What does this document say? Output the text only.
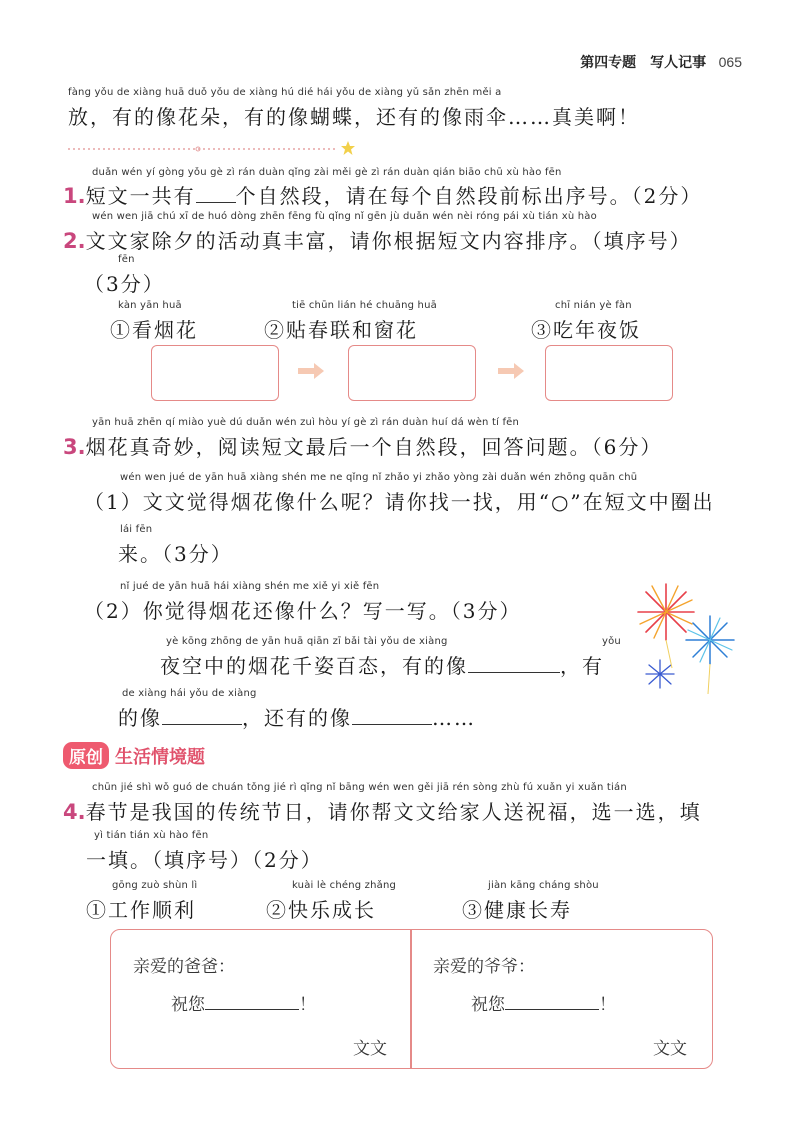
第四专题　写人记事 065
fàng yǒu de xiàng huā duǒ yǒu de xiàng hú dié hái yǒu de xiàng yǔ sǎn zhēn měi a
放，有的像花朵，有的像蝴蝶，还有的像雨伞……真美啊！
duǎn wén yí gòng yǒu gè zì rán duàn qǐng zài měi gè zì rán duàn qián biāo chū xù hào fēn
1.短文一共有 个自然段，请在每个自然段前标出序号。（2分）
wén wen jiā chú xī de huó dòng zhēn fēng fù qǐng nǐ gēn jù duǎn wén nèi róng pái xù tián xù hào
2.文文家除夕的活动真丰富，请你根据短文内容排序。（填序号）
fēn
（3分）
kàn yān huā
①看烟花
tiē chūn lián hé chuāng huā
②贴春联和窗花
chī nián yè fàn
③吃年夜饭
yān huā zhēn qí miào yuè dú duǎn wén zuì hòu yí gè zì rán duàn huí dá wèn tí fēn
3.烟花真奇妙，阅读短文最后一个自然段，回答问题。（6分）
wén wen jué de yān huā xiàng shén me ne qǐng nǐ zhǎo yi zhǎo yòng zài duǎn wén zhōng quān chū
（1）文文觉得烟花像什么呢？请你找一找，用“○”在短文中圈出
lái fēn
来。（3分）
nǐ jué de yān huā hái xiàng shén me xiě yi xiě fēn
（2）你觉得烟花还像什么？写一写。（3分）
yè kōng zhōng de yān huā qiān zī bǎi tài yǒu de xiàng	yǒu
夜空中的烟花千姿百态，有的像	，有
de xiàng hái yǒu de xiàng
的像	，还有的像	……
原创 生活情境题
chūn jié shì wǒ guó de chuán tǒng jié rì qǐng nǐ bāng wén wen gěi jiā rén sòng zhù fú xuǎn yi xuǎn tián
4.春节是我国的传统节日，请你帮文文给家人送祝福，选一选，填
yì tián tián xù hào fēn
一填。（填序号）（2分）
gōng zuò shùn lì
①工作顺利
kuài lè chéng zhǎng
②快乐成长
jiàn kāng cháng shòu
③健康长寿
亲爱的爸爸：
祝您	！
文文
亲爱的爷爷：
祝您	！
文文
